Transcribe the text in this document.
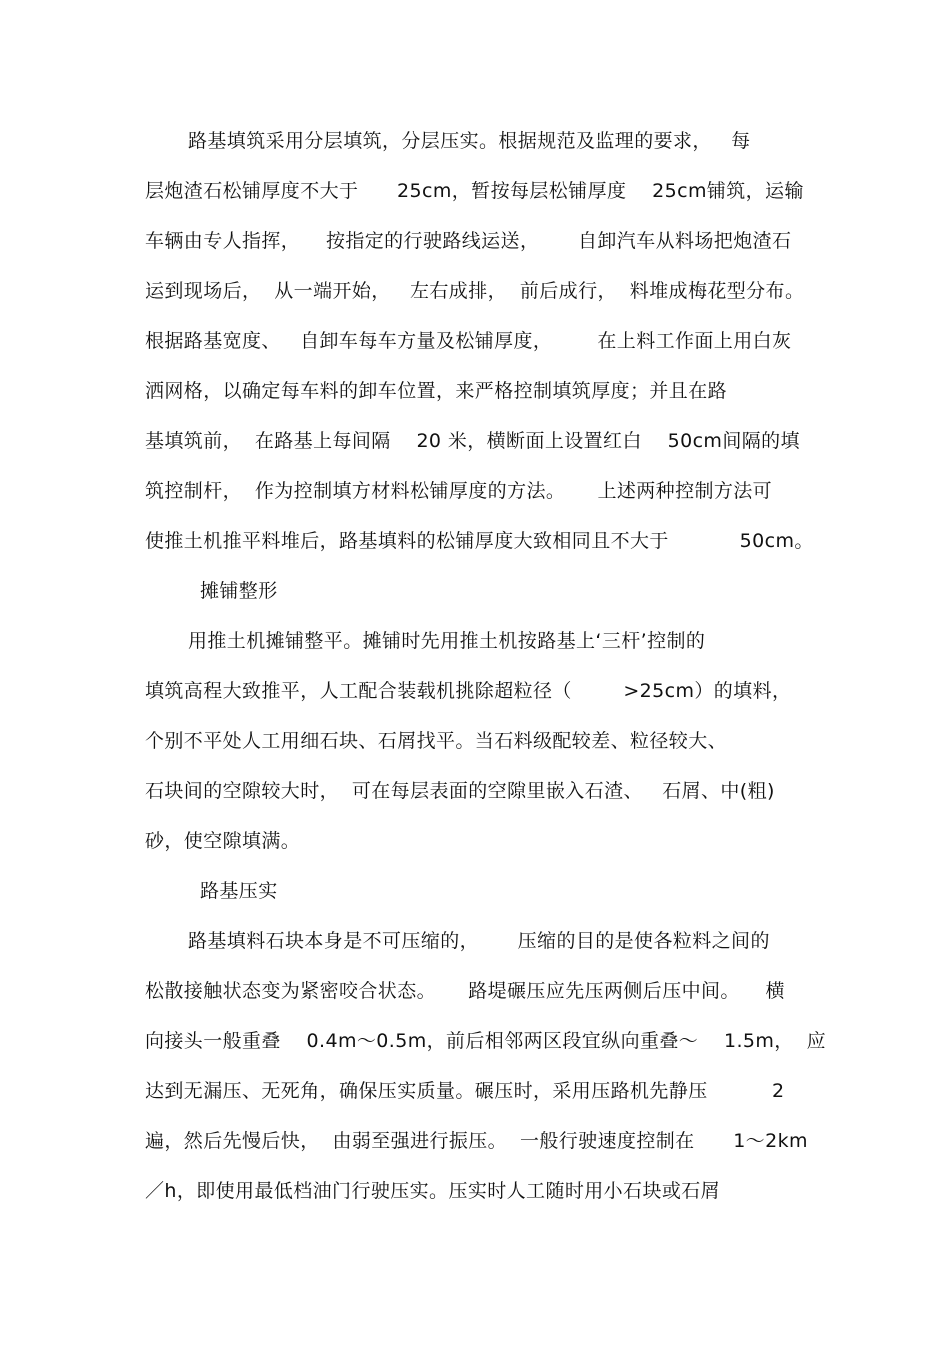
路基填筑采用分层填筑，分层压实。根据规范及监理的要求，   每
层炮渣石松铺厚度不大于      25cm，暂按每层松铺厚度    25cm铺筑，运输
车辆由专人指挥，    按指定的行驶路线运送，      自卸汽车从料场把炮渣石
运到现场后，  从一端开始，   左右成排，  前后成行，  料堆成梅花型分布。
根据路基宽度、   自卸车每车方量及松铺厚度，       在上料工作面上用白灰
洒网格，以确定每车料的卸车位置，来严格控制填筑厚度；并且在路
基填筑前，  在路基上每间隔    20 米，横断面上设置红白    50cm间隔的填
筑控制杆，  作为控制填方材料松铺厚度的方法。     上述两种控制方法可
使推土机推平料堆后，路基填料的松铺厚度大致相同且不大于           50cm。
摊铺整形
用推土机摊铺整平。摊铺时先用推土机按路基上‘三杆’控制的
填筑高程大致推平，人工配合装载机挑除超粒径（        >25cm）的填料，
个别不平处人工用细石块、石屑找平。当石料级配较差、粒径较大、
石块间的空隙较大时，  可在每层表面的空隙里嵌入石渣、   石屑、中(粗)
砂，使空隙填满。
路基压实
路基填料石块本身是不可压缩的，      压缩的目的是使各粒料之间的
松散接触状态变为紧密咬合状态。     路堤碾压应先压两侧后压中间。    横
向接头一般重叠    0.4m～0.5m，前后相邻两区段宜纵向重叠～    1.5m，  应
达到无漏压、无死角，确保压实质量。碾压时，采用压路机先静压          2
遍，然后先慢后快，  由弱至强进行振压。  一般行驶速度控制在      1～2km
／h，即使用最低档油门行驶压实。压实时人工随时用小石块或石屑
